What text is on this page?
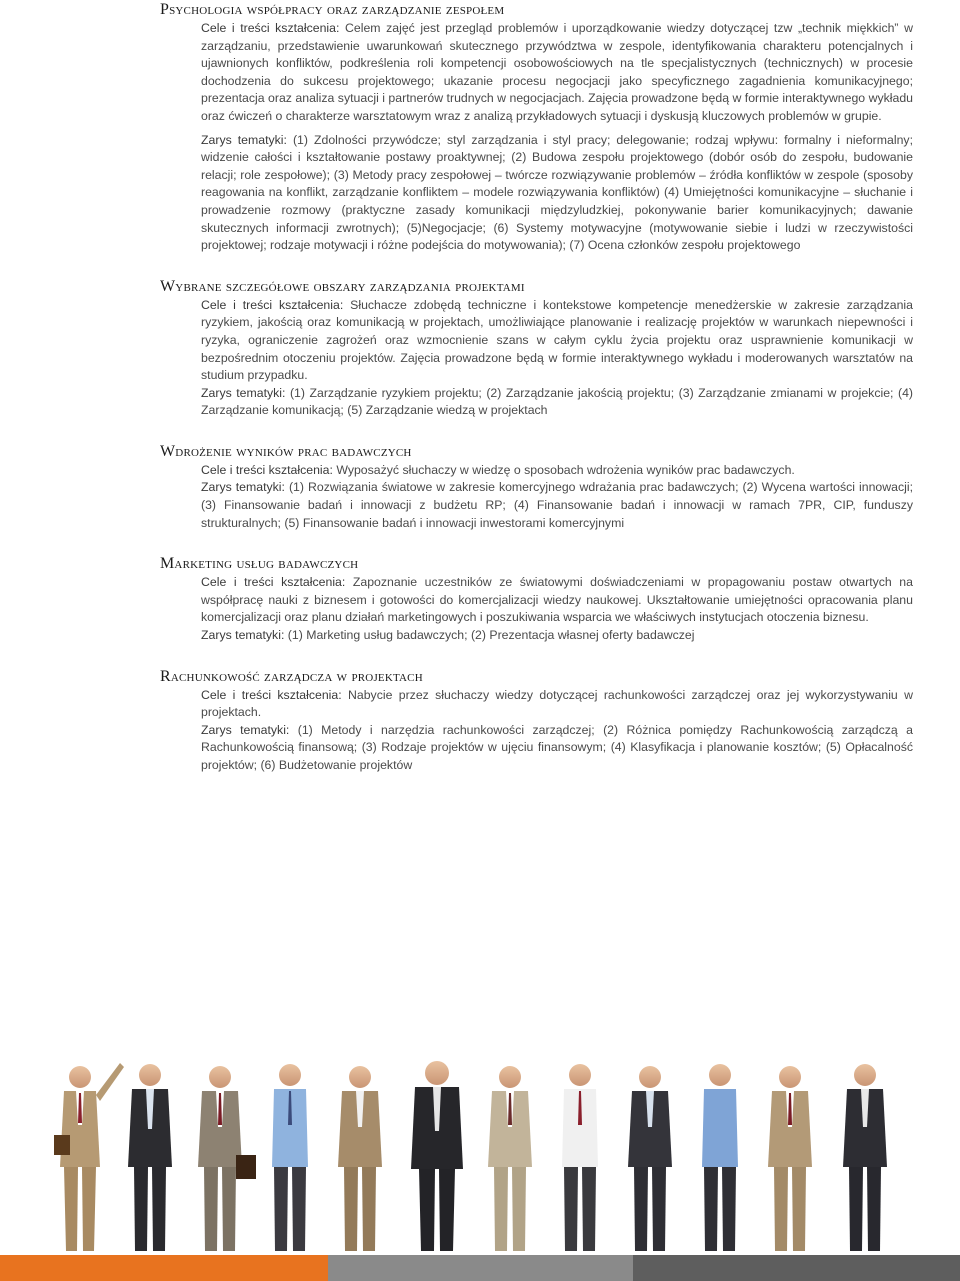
Psychologia współpracy oraz zarządzanie zespołem

Cele i treści kształcenia: Celem zajęć jest przegląd problemów i uporządkowanie wiedzy dotyczącej tzw „technik miękkich” w zarządzaniu, przedstawienie uwarunkowań skutecznego przywództwa w zespole, identyfikowania charakteru potencjalnych i ujawnionych konfliktów, podkreślenia roli kompetencji osobowościowych na tle specjalistycznych (technicznych) w procesie dochodzenia do sukcesu projektowego; ukazanie procesu negocjacji jako specyficznego zagadnienia komunikacyjnego; prezentacja oraz analiza sytuacji i partnerów trudnych w negocjacjach. Zajęcia prowadzone będą w formie interaktywnego wykładu oraz ćwiczeń o charakterze warsztatowym wraz z analizą przykładowych sytuacji i dyskusją kluczowych problemów w grupie.

Zarys tematyki: (1) Zdolności przywódcze; styl zarządzania i styl pracy; delegowanie; rodzaj wpływu: formalny i nieformalny; widzenie całości i kształtowanie postawy proaktywnej; (2) Budowa zespołu projektowego (dobór osób do zespołu, budowanie relacji; role zespołowe); (3) Metody pracy zespołowej – twórcze rozwiązywanie problemów – źródła konfliktów w zespole (sposoby reagowania na konflikt, zarządzanie konfliktem – modele rozwiązywania konfliktów) (4) Umiejętności komunikacyjne – słuchanie i prowadzenie rozmowy (praktyczne zasady komunikacji międzyludzkiej, pokonywanie barier komunikacyjnych; dawanie skutecznych informacji zwrotnych); (5)Negocjacje; (6) Systemy motywacyjne (motywowanie siebie i ludzi w rzeczywistości projektowej; rodzaje motywacji i różne podejścia do motywowania); (7) Ocena członków zespołu projektowego

Wybrane szczegółowe obszary zarządzania projektami

Cele i treści kształcenia: Słuchacze zdobędą techniczne i kontekstowe kompetencje menedżerskie w zakresie zarządzania ryzykiem, jakością oraz komunikacją w projektach, umożliwiające planowanie i realizację projektów w warunkach niepewności i ryzyka, ograniczenie zagrożeń oraz wzmocnienie szans w całym cyklu życia projektu oraz usprawnienie komunikacji w bezpośrednim otoczeniu projektów. Zajęcia prowadzone będą w formie interaktywnego wykładu i moderowanych warsztatów na studium przypadku.

Zarys tematyki: (1) Zarządzanie ryzykiem projektu; (2) Zarządzanie jakością projektu; (3) Zarządzanie zmianami w projekcie; (4) Zarządzanie komunikacją; (5) Zarządzanie wiedzą w projektach

Wdrożenie wyników prac badawczych

Cele i treści kształcenia: Wyposażyć słuchaczy w wiedzę o sposobach wdrożenia wyników prac badawczych.

Zarys tematyki: (1) Rozwiązania światowe w zakresie komercyjnego wdrażania prac badawczych; (2) Wycena wartości innowacji; (3) Finansowanie badań i innowacji z budżetu RP; (4) Finansowanie badań i innowacji w ramach 7PR, CIP, funduszy strukturalnych; (5) Finansowanie badań i innowacji inwestorami komercyjnymi

Marketing usług badawczych

Cele i treści kształcenia: Zapoznanie uczestników ze światowymi doświadczeniami w propagowaniu postaw otwartych na współpracę nauki z biznesem i gotowości do komercjalizacji wiedzy naukowej. Ukształtowanie umiejętności opracowania planu komercjalizacji oraz planu działań marketingowych i poszukiwania wsparcia we właściwych instytucjach otoczenia biznesu.

Zarys tematyki: (1) Marketing usług badawczych; (2) Prezentacja własnej oferty badawczej

Rachunkowość zarządcza w projektach

Cele i treści kształcenia: Nabycie przez słuchaczy wiedzy dotyczącej rachunkowości zarządczej oraz jej wykorzystywaniu w projektach.

Zarys tematyki: (1) Metody i narzędzia rachunkowości zarządczej; (2) Różnica pomiędzy Rachunkowością zarządczą a Rachunkowością finansową; (3) Rodzaje projektów w ujęciu finansowym; (4) Klasyfikacja i planowanie kosztów; (5) Opłacalność projektów; (6) Budżetowanie projektów
